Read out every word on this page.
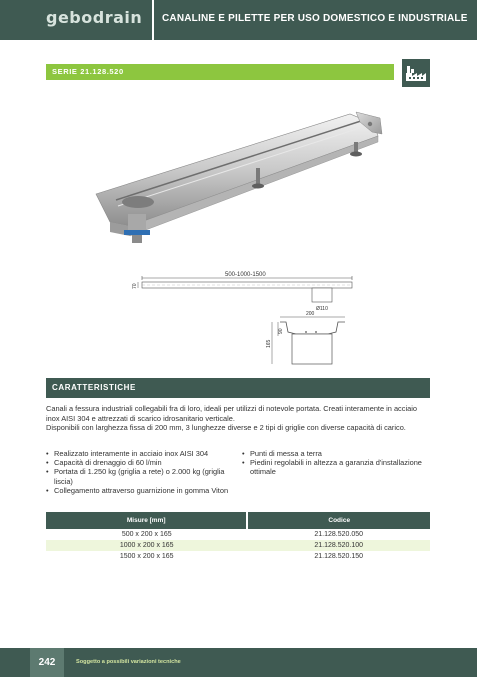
gebodrain CANALINE E PILETTE PER USO DOMESTICO E INDUSTRIALE
SERIE 21.128.520
500-1000-1500
70
Ø110
200
165
90
CARATTERISTICHE

Canali a fessura industriali collegabili fra di loro, ideali per utilizzi di notevole portata. Creati interamente in acciaio inox AISI 304 e attrezzati di scarico idrosanitario verticale.

Disponibili con larghezza fissa di 200 mm, 3 lunghezze diverse e 2 tipi di griglie con diverse capacità di carico.

• Realizzato interamente in acciaio inox AISI 304
• Capacità di drenaggio di 60 l/min
• Portata di 1.250 kg (griglia a rete) o 2.000 kg (griglia liscia)
• Collegamento attraverso guarnizione in gomma Viton
• Punti di messa a terra
• Piedini regolabili in altezza a garanzia d'installazione ottimale
Misure [mm]	Codice
500 x 200 x 165	21.128.520.050
1000 x 200 x 165	21.128.520.100
1500 x 200 x 165	21.128.520.150
242	Soggetto a possibili variazioni tecniche
